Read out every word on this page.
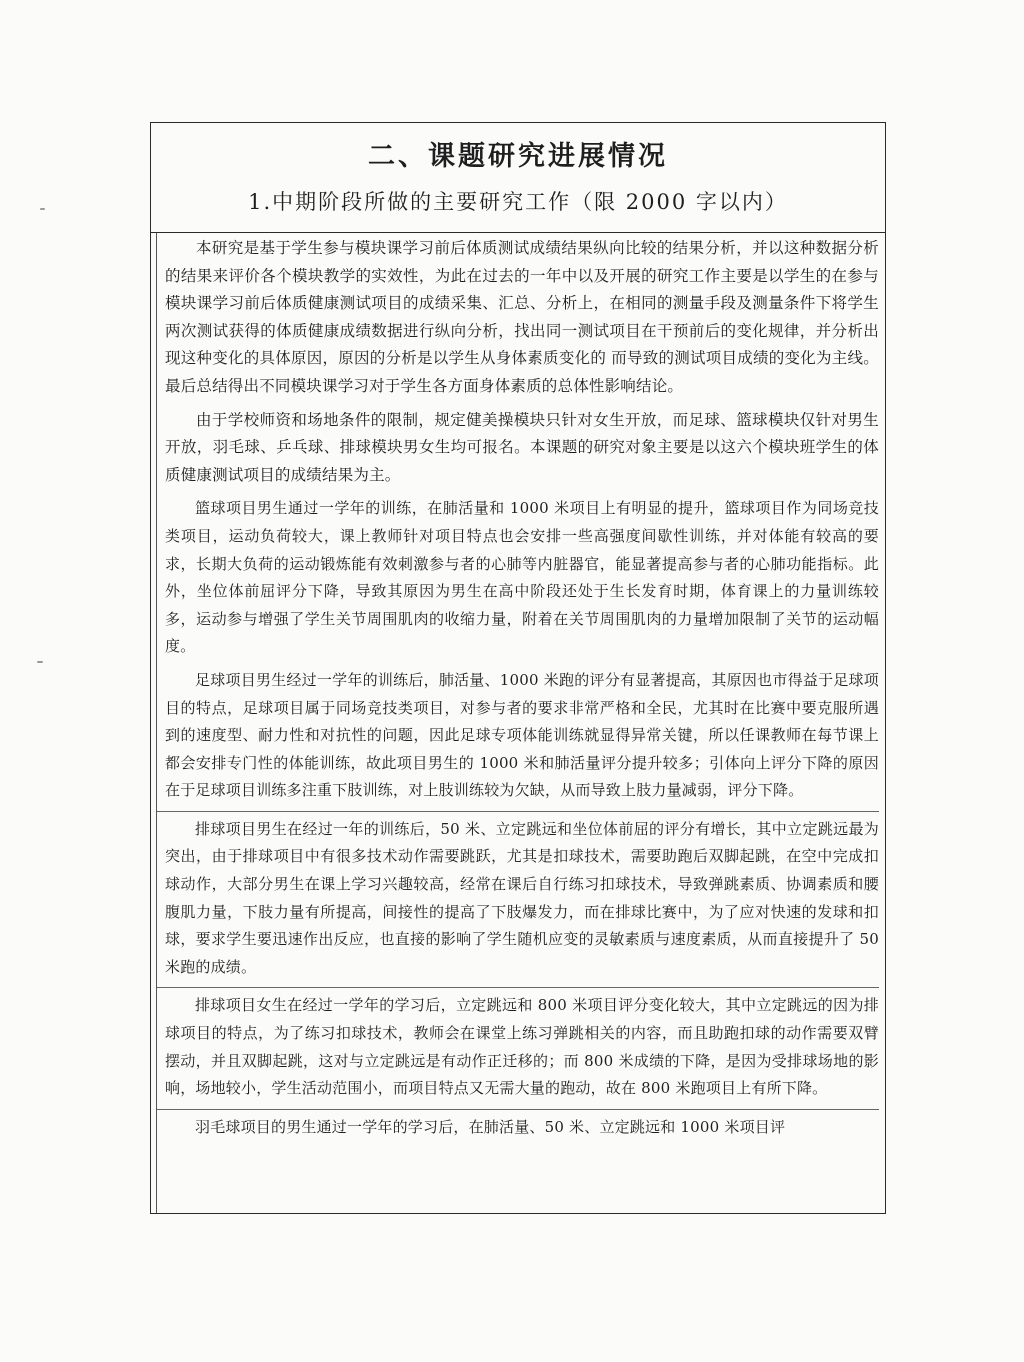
二、课题研究进展情况
1.中期阶段所做的主要研究工作（限 2000 字以内）

本研究是基于学生参与模块课学习前后体质测试成绩结果纵向比较的结果分析，并以这种数据分析的结果来评价各个模块教学的实效性，为此在过去的一年中以及开展的研究工作主要是以学生的在参与模块课学习前后体质健康测试项目的成绩采集、汇总、分析上，在相同的测量手段及测量条件下将学生两次测试获得的体质健康成绩数据进行纵向分析，找出同一测试项目在干预前后的变化规律，并分析出现这种变化的具体原因，原因的分析是以学生从身体素质变化的 而导致的测试项目成绩的变化为主线。最后总结得出不同模块课学习对于学生各方面身体素质的总体性影响结论。

由于学校师资和场地条件的限制，规定健美操模块只针对女生开放，而足球、篮球模块仅针对男生开放，羽毛球、乒乓球、排球模块男女生均可报名。本课题的研究对象主要是以这六个模块班学生的体质健康测试项目的成绩结果为主。

篮球项目男生通过一学年的训练，在肺活量和 1000 米项目上有明显的提升，篮球项目作为同场竞技类项目，运动负荷较大，课上教师针对项目特点也会安排一些高强度间歇性训练，并对体能有较高的要求，长期大负荷的运动锻炼能有效刺激参与者的心肺等内脏器官，能显著提高参与者的心肺功能指标。此外，坐位体前屈评分下降，导致其原因为男生在高中阶段还处于生长发育时期，体育课上的力量训练较多，运动参与增强了学生关节周围肌肉的收缩力量，附着在关节周围肌肉的力量增加限制了关节的运动幅度。

足球项目男生经过一学年的训练后，肺活量、1000 米跑的评分有显著提高，其原因也市得益于足球项目的特点，足球项目属于同场竞技类项目，对参与者的要求非常严格和全民，尤其时在比赛中要克服所遇到的速度型、耐力性和对抗性的问题，因此足球专项体能训练就显得异常关键，所以任课教师在每节课上都会安排专门性的体能训练，故此项目男生的 1000 米和肺活量评分提升较多；引体向上评分下降的原因在于足球项目训练多注重下肢训练，对上肢训练较为欠缺，从而导致上肢力量减弱，评分下降。

排球项目男生在经过一年的训练后，50 米、立定跳远和坐位体前屈的评分有增长，其中立定跳远最为突出，由于排球项目中有很多技术动作需要跳跃，尤其是扣球技术，需要助跑后双脚起跳，在空中完成扣球动作，大部分男生在课上学习兴趣较高，经常在课后自行练习扣球技术，导致弹跳素质、协调素质和腰腹肌力量，下肢力量有所提高，间接性的提高了下肢爆发力，而在排球比赛中，为了应对快速的发球和扣球，要求学生要迅速作出反应，也直接的影响了学生随机应变的灵敏素质与速度素质，从而直接提升了 50 米跑的成绩。

排球项目女生在经过一学年的学习后，立定跳远和 800 米项目评分变化较大，其中立定跳远的因为排球项目的特点，为了练习扣球技术，教师会在课堂上练习弹跳相关的内容，而且助跑扣球的动作需要双臂摆动，并且双脚起跳，这对与立定跳远是有动作正迁移的；而 800 米成绩的下降，是因为受排球场地的影响，场地较小，学生活动范围小，而项目特点又无需大量的跑动，故在 800 米跑项目上有所下降。

羽毛球项目的男生通过一学年的学习后，在肺活量、50 米、立定跳远和 1000 米项目评
